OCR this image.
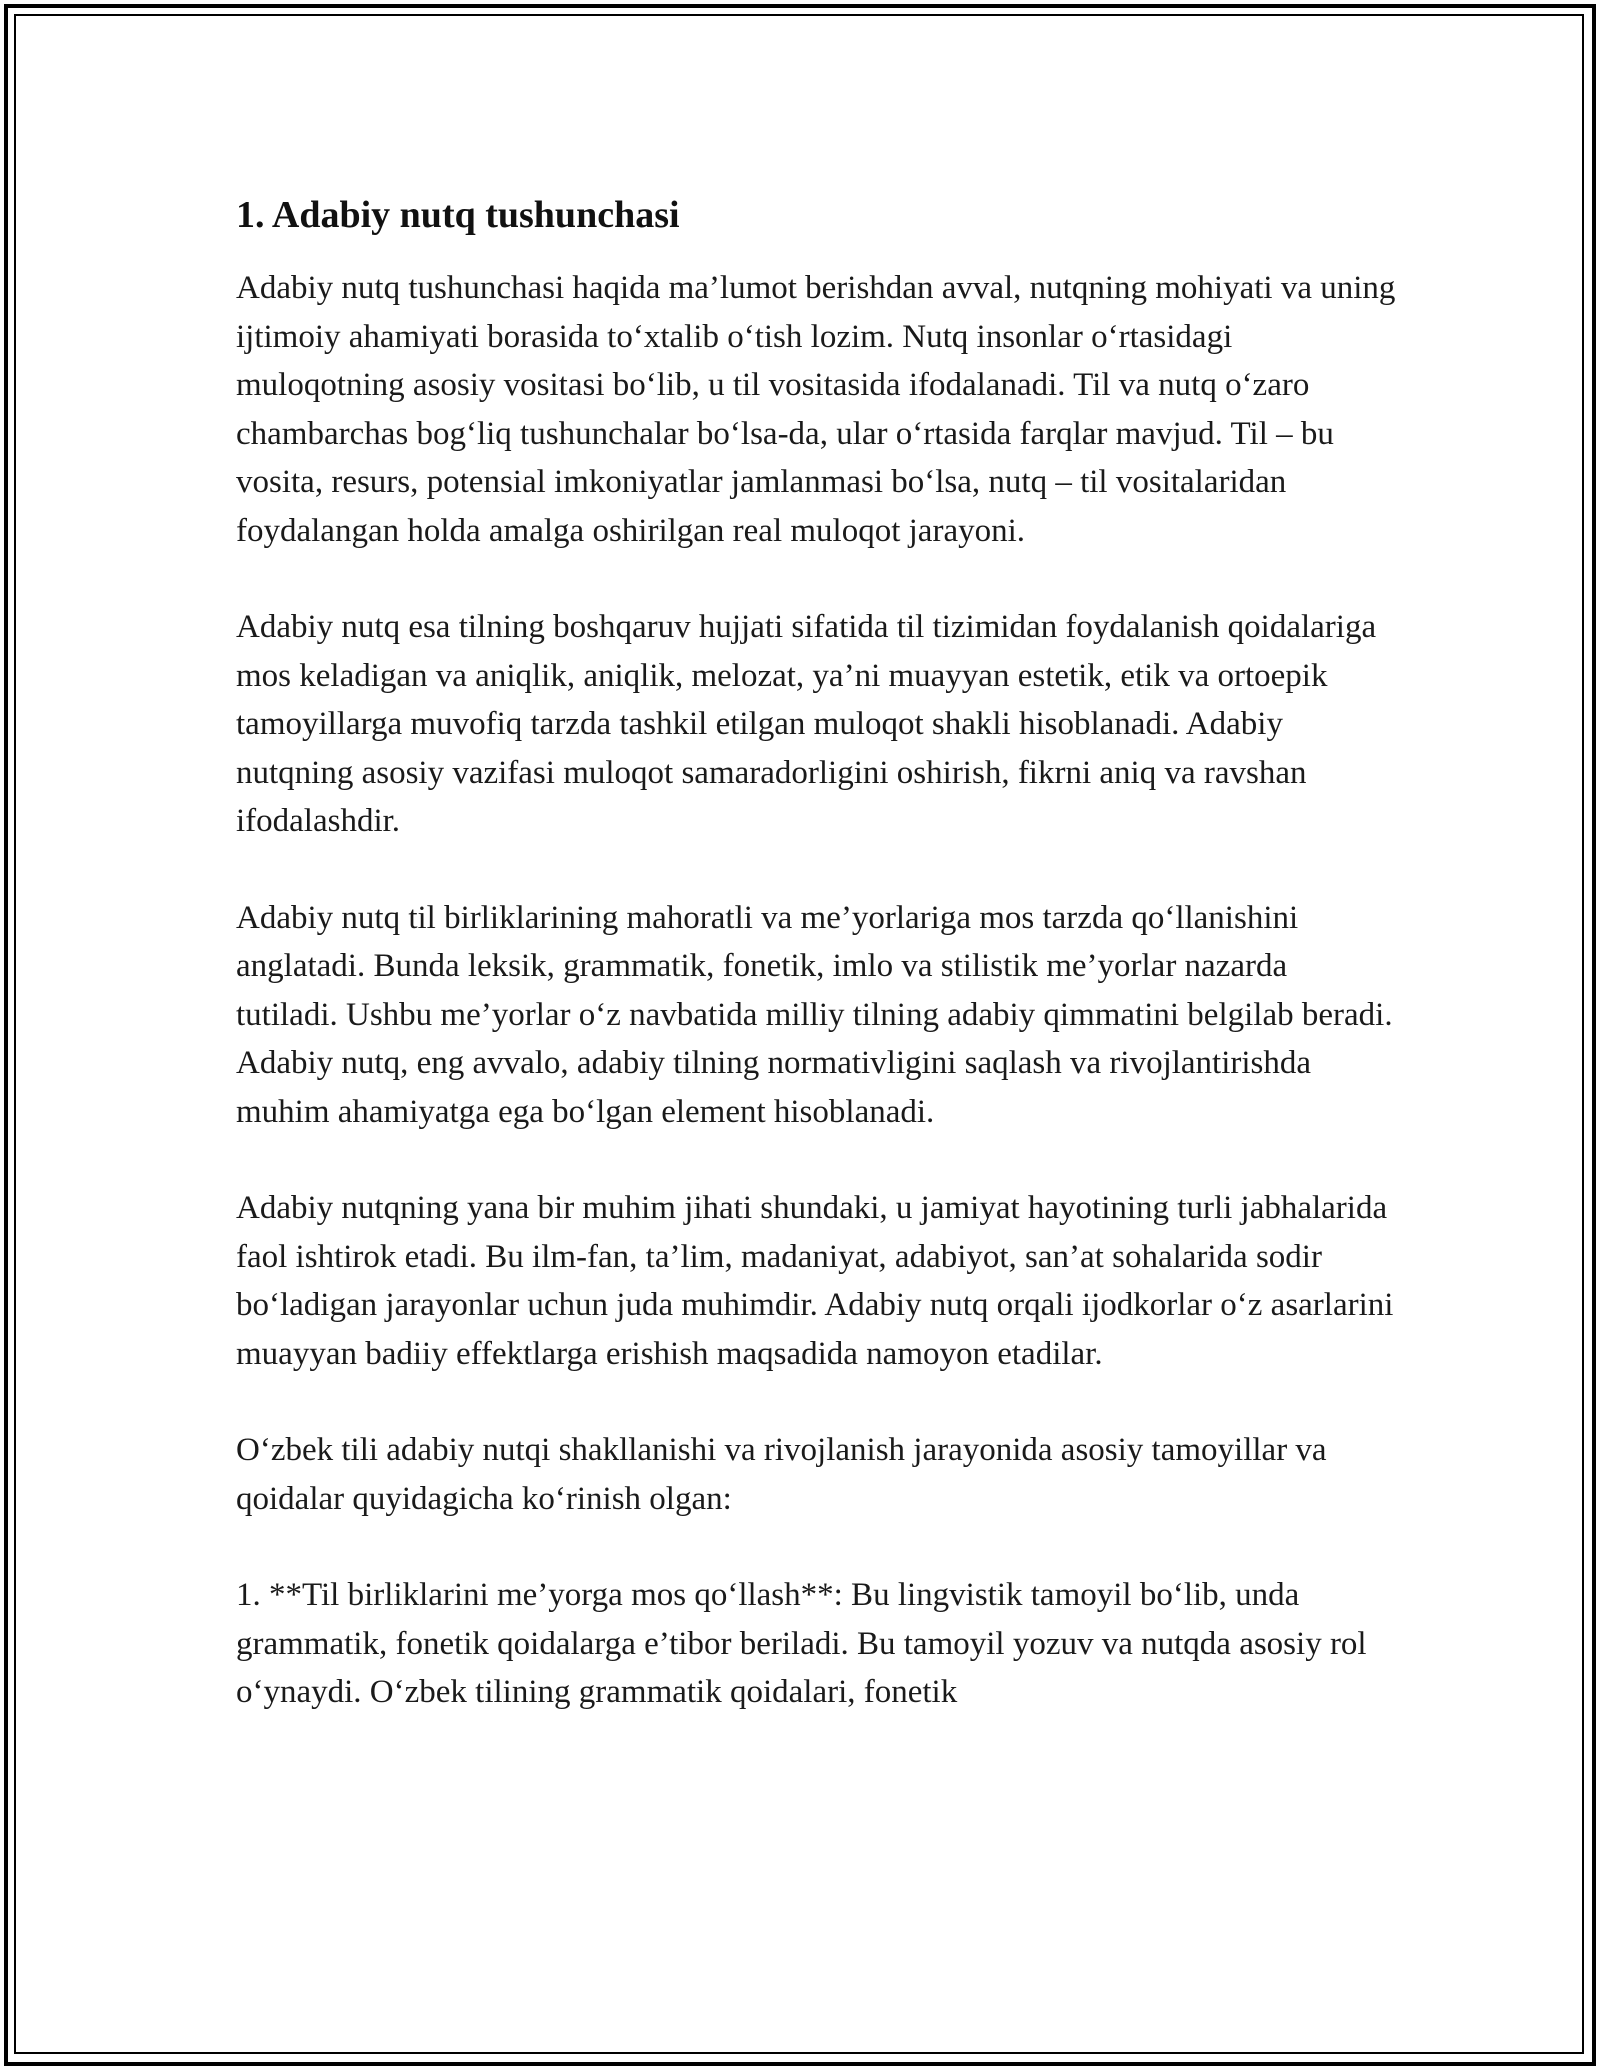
1. Adabiy nutq tushunchasi

Adabiy nutq tushunchasi haqida ma’lumot berishdan avval, nutqning mohiyati va uning ijtimoiy ahamiyati borasida to‘xtalib o‘tish lozim. Nutq insonlar o‘rtasidagi muloqotning asosiy vositasi bo‘lib, u til vositasida ifodalanadi. Til va nutq o‘zaro chambarchas bog‘liq tushunchalar bo‘lsa-da, ular o‘rtasida farqlar mavjud. Til – bu vosita, resurs, potensial imkoniyatlar jamlanmasi bo‘lsa, nutq – til vositalaridan foydalangan holda amalga oshirilgan real muloqot jarayoni.

Adabiy nutq esa tilning boshqaruv hujjati sifatida til tizimidan foydalanish qoidalariga mos keladigan va aniqlik, aniqlik, melozat, ya’ni muayyan estetik, etik va ortoepik tamoyillarga muvofiq tarzda tashkil etilgan muloqot shakli hisoblanadi. Adabiy nutqning asosiy vazifasi muloqot samaradorligini oshirish, fikrni aniq va ravshan ifodalashdir.

Adabiy nutq til birliklarining mahoratli va me’yorlariga mos tarzda qo‘llanishini anglatadi. Bunda leksik, grammatik, fonetik, imlo va stilistik me’yorlar nazarda tutiladi. Ushbu me’yorlar o‘z navbatida milliy tilning adabiy qimmatini belgilab beradi. Adabiy nutq, eng avvalo, adabiy tilning normativligini saqlash va rivojlantirishda muhim ahamiyatga ega bo‘lgan element hisoblanadi.

Adabiy nutqning yana bir muhim jihati shundaki, u jamiyat hayotining turli jabhalarida faol ishtirok etadi. Bu ilm-fan, ta’lim, madaniyat, adabiyot, san’at sohalarida sodir bo‘ladigan jarayonlar uchun juda muhimdir. Adabiy nutq orqali ijodkorlar o‘z asarlarini muayyan badiiy effektlarga erishish maqsadida namoyon etadilar.

O‘zbek tili adabiy nutqi shakllanishi va rivojlanish jarayonida asosiy tamoyillar va qoidalar quyidagicha ko‘rinish olgan:

1. **Til birliklarini me’yorga mos qo‘llash**: Bu lingvistik tamoyil bo‘lib, unda grammatik, fonetik qoidalarga e’tibor beriladi. Bu tamoyil yozuv va nutqda asosiy rol o‘ynaydi. O‘zbek tilining grammatik qoidalari, fonetik
